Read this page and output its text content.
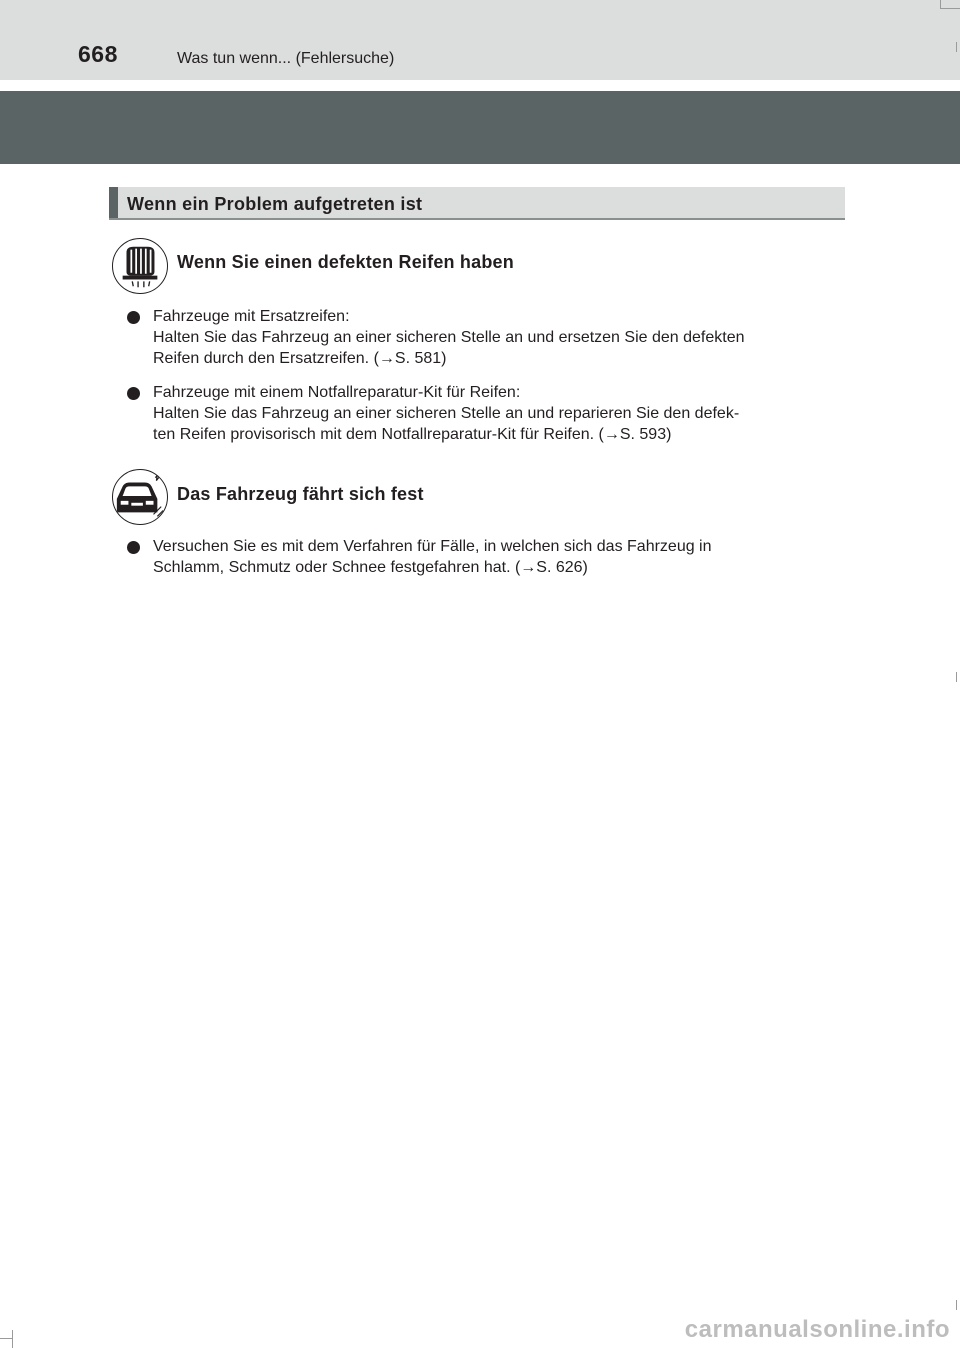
668	Was tun wenn... (Fehlersuche)
Wenn ein Problem aufgetreten ist
Wenn Sie einen defekten Reifen haben

Fahrzeuge mit Ersatzreifen:

Halten Sie das Fahrzeug an einer sicheren Stelle an und ersetzen Sie den defekten

Reifen durch den Ersatzreifen. (→S. 581)

Fahrzeuge mit einem Notfallreparatur-Kit für Reifen:

Halten Sie das Fahrzeug an einer sicheren Stelle an und reparieren Sie den defek-

ten Reifen provisorisch mit dem Notfallreparatur-Kit für Reifen. (→S. 593)

Das Fahrzeug fährt sich fest

Versuchen Sie es mit dem Verfahren für Fälle, in welchen sich das Fahrzeug in

Schlamm, Schmutz oder Schnee festgefahren hat. (→S. 626)

carmanualsonline.info
